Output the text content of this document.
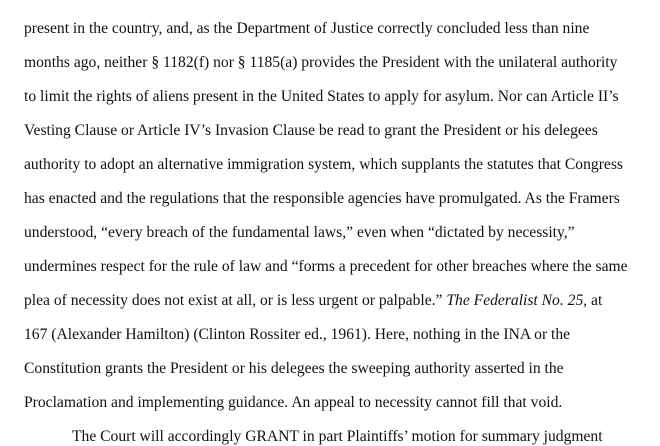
present in the country, and, as the Department of Justice correctly concluded less than nine
months ago, neither § 1182(f) nor § 1185(a) provides the President with the unilateral authority
to limit the rights of aliens present in the United States to apply for asylum. Nor can Article II’s
Vesting Clause or Article IV’s Invasion Clause be read to grant the President or his delegees
authority to adopt an alternative immigration system, which supplants the statutes that Congress
has enacted and the regulations that the responsible agencies have promulgated. As the Framers
understood, “every breach of the fundamental laws,” even when “dictated by necessity,”
undermines respect for the rule of law and “forms a precedent for other breaches where the same
plea of necessity does not exist at all, or is less urgent or palpable.” The Federalist No. 25, at
167 (Alexander Hamilton) (Clinton Rossiter ed., 1961). Here, nothing in the INA or the
Constitution grants the President or his delegees the sweeping authority asserted in the
Proclamation and implementing guidance. An appeal to necessity cannot fill that void.
The Court will accordingly GRANT in part Plaintiffs’ motion for summary judgment
